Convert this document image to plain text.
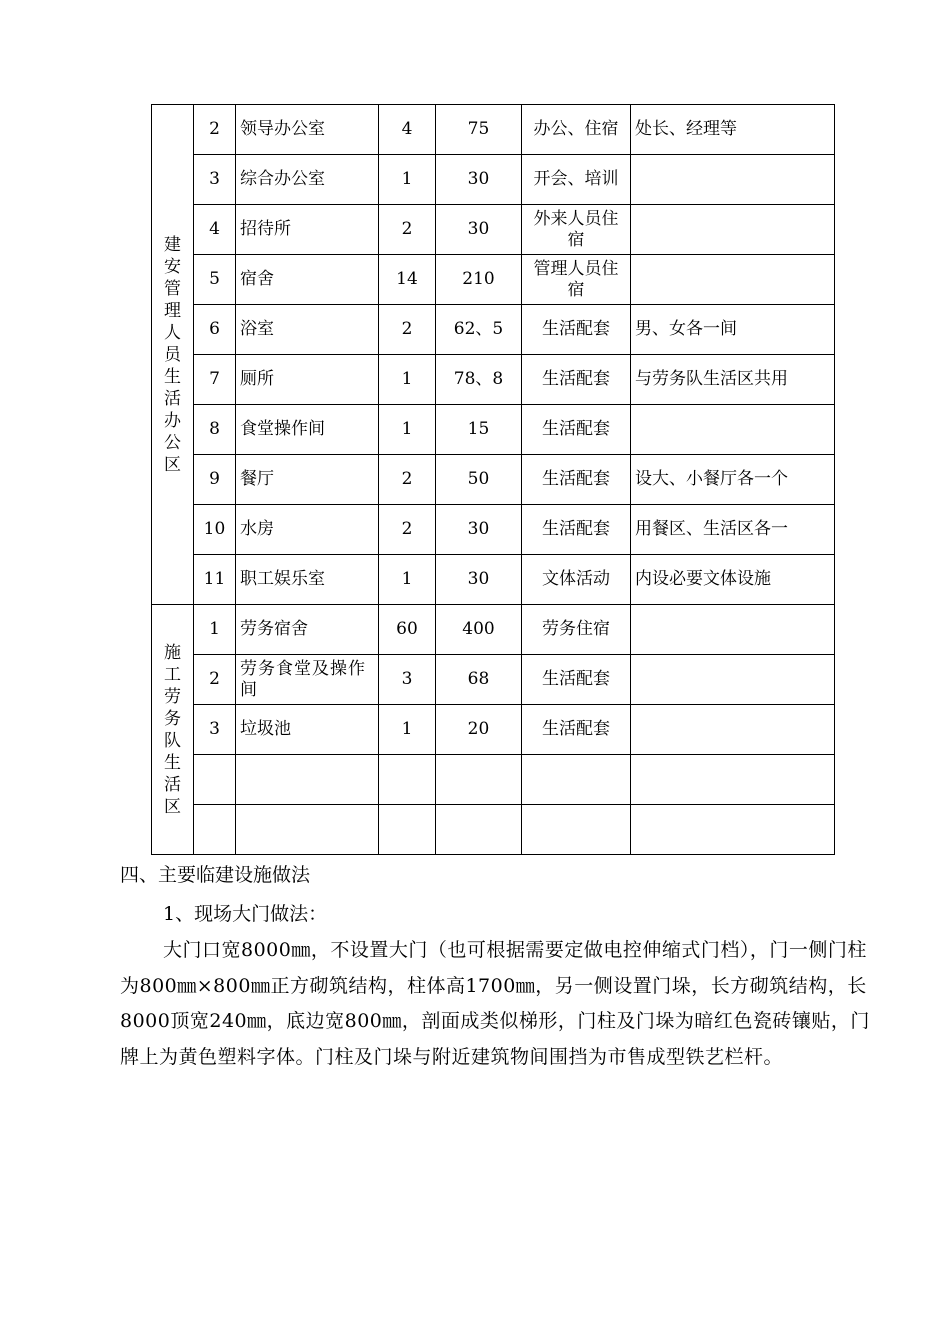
建安管理人员生活办公区	2	领导办公室	4	75	办公、住宿	处长、经理等
	3	综合办公室	1	30	开会、培训	
	4	招待所	2	30	外来人员住宿	
	5	宿舍	14	210	管理人员住宿	
	6	浴室	2	62、5	生活配套	男、女各一间
	7	厕所	1	78、8	生活配套	与劳务队生活区共用
	8	食堂操作间	1	15	生活配套	
	9	餐厅	2	50	生活配套	设大、小餐厅各一个
	10	水房	2	30	生活配套	用餐区、生活区各一
	11	职工娱乐室	1	30	文体活动	内设必要文体设施
施工劳务队生活区	1	劳务宿舍	60	400	劳务住宿	
	2	劳务食堂及操作间	3	68	生活配套	
	3	垃圾池	1	20	生活配套	

四、主要临建设施做法
1、现场大门做法：
大门口宽8000㎜，不设置大门（也可根据需要定做电控伸缩式门档），门一侧门柱为800㎜×800㎜正方砌筑结构，柱体高1700㎜，另一侧设置门垛，长方砌筑结构，长8000顶宽240㎜，底边宽800㎜，剖面成类似梯形，门柱及门垛为暗红色瓷砖镶贴，门牌上为黄色塑料字体。门柱及门垛与附近建筑物间围挡为市售成型铁艺栏杆。
